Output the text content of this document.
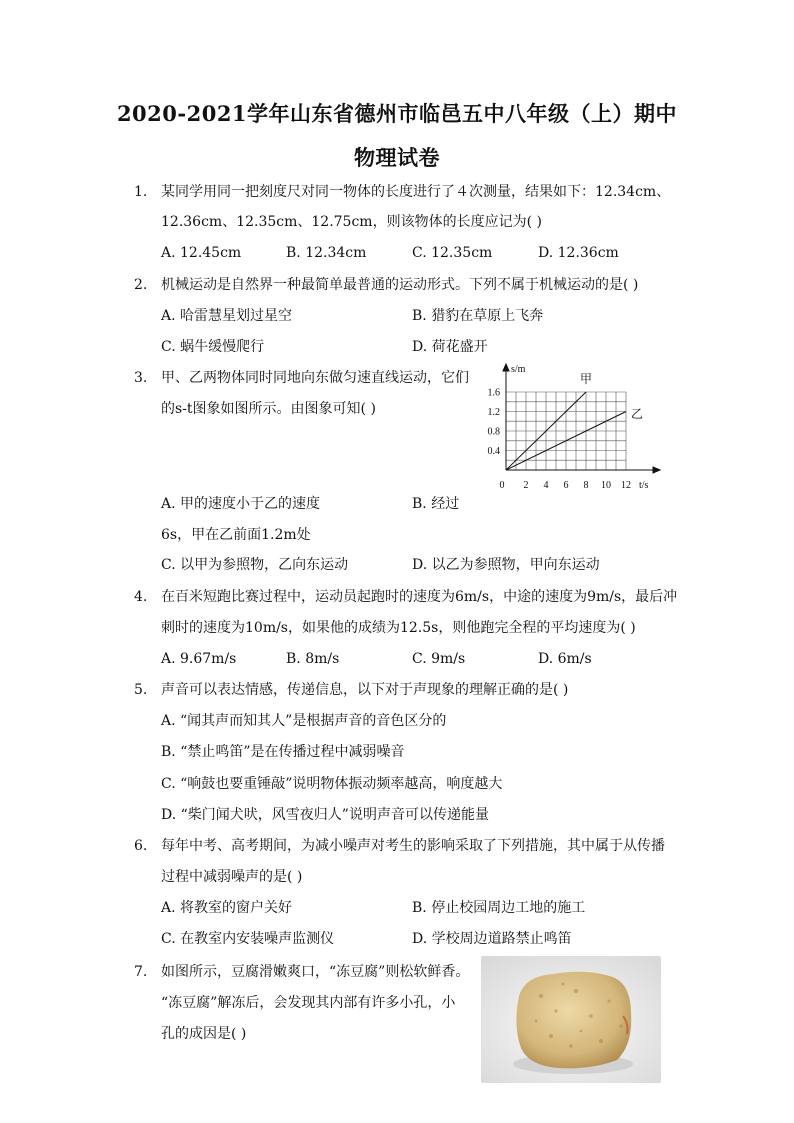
2020-2021学年山东省德州市临邑五中八年级（上）期中
物理试卷
1. 某同学用同一把刻度尺对同一物体的长度进行了４次测量，结果如下：12.34cm、
12.36cm、12.35cm、12.75cm，则该物体的长度应记为( )
A. 12.45cm	B. 12.34cm	C. 12.35cm	D. 12.36cm
2. 机械运动是自然界一种最简单最普通的运动形式。下列不属于机械运动的是( )
A. 哈雷慧星划过星空	B. 猎豹在草原上飞奔
C. 蜗牛缓慢爬行	D. 荷花盛开
3. 甲、乙两物体同时同地向东做匀速直线运动，它们
的s-t图象如图所示。由图象可知( )
s/m
0.4
0.8
1.2
1.6
0 2 4 6 8 10 12 t/s
甲
乙
A. 甲的速度小于乙的速度	B. 经过
6s，甲在乙前面1.2m处
C. 以甲为参照物，乙向东运动	D. 以乙为参照物，甲向东运动
4. 在百米短跑比赛过程中，运动员起跑时的速度为6m/s，中途的速度为9m/s，最后冲
刺时的速度为10m/s，如果他的成绩为12.5s，则他跑完全程的平均速度为( )
A. 9.67m/s	B. 8m/s	C. 9m/s	D. 6m/s
5. 声音可以表达情感，传递信息，以下对于声现象的理解正确的是( )
A. “闻其声而知其人”是根据声音的音色区分的
B. “禁止鸣笛”是在传播过程中减弱噪音
C. “响鼓也要重锤敲”说明物体振动频率越高，响度越大
D. “柴门闻犬吠，风雪夜归人”说明声音可以传递能量
6. 每年中考、高考期间，为减小噪声对考生的影响采取了下列措施，其中属于从传播
过程中减弱噪声的是( )
A. 将教室的窗户关好	B. 停止校园周边工地的施工
C. 在教室内安装噪声监测仪	D. 学校周边道路禁止鸣笛
7. 如图所示，豆腐滑嫩爽口，“冻豆腐”则松软鲜香。
“冻豆腐”解冻后，会发现其内部有许多小孔，小
孔的成因是( )
